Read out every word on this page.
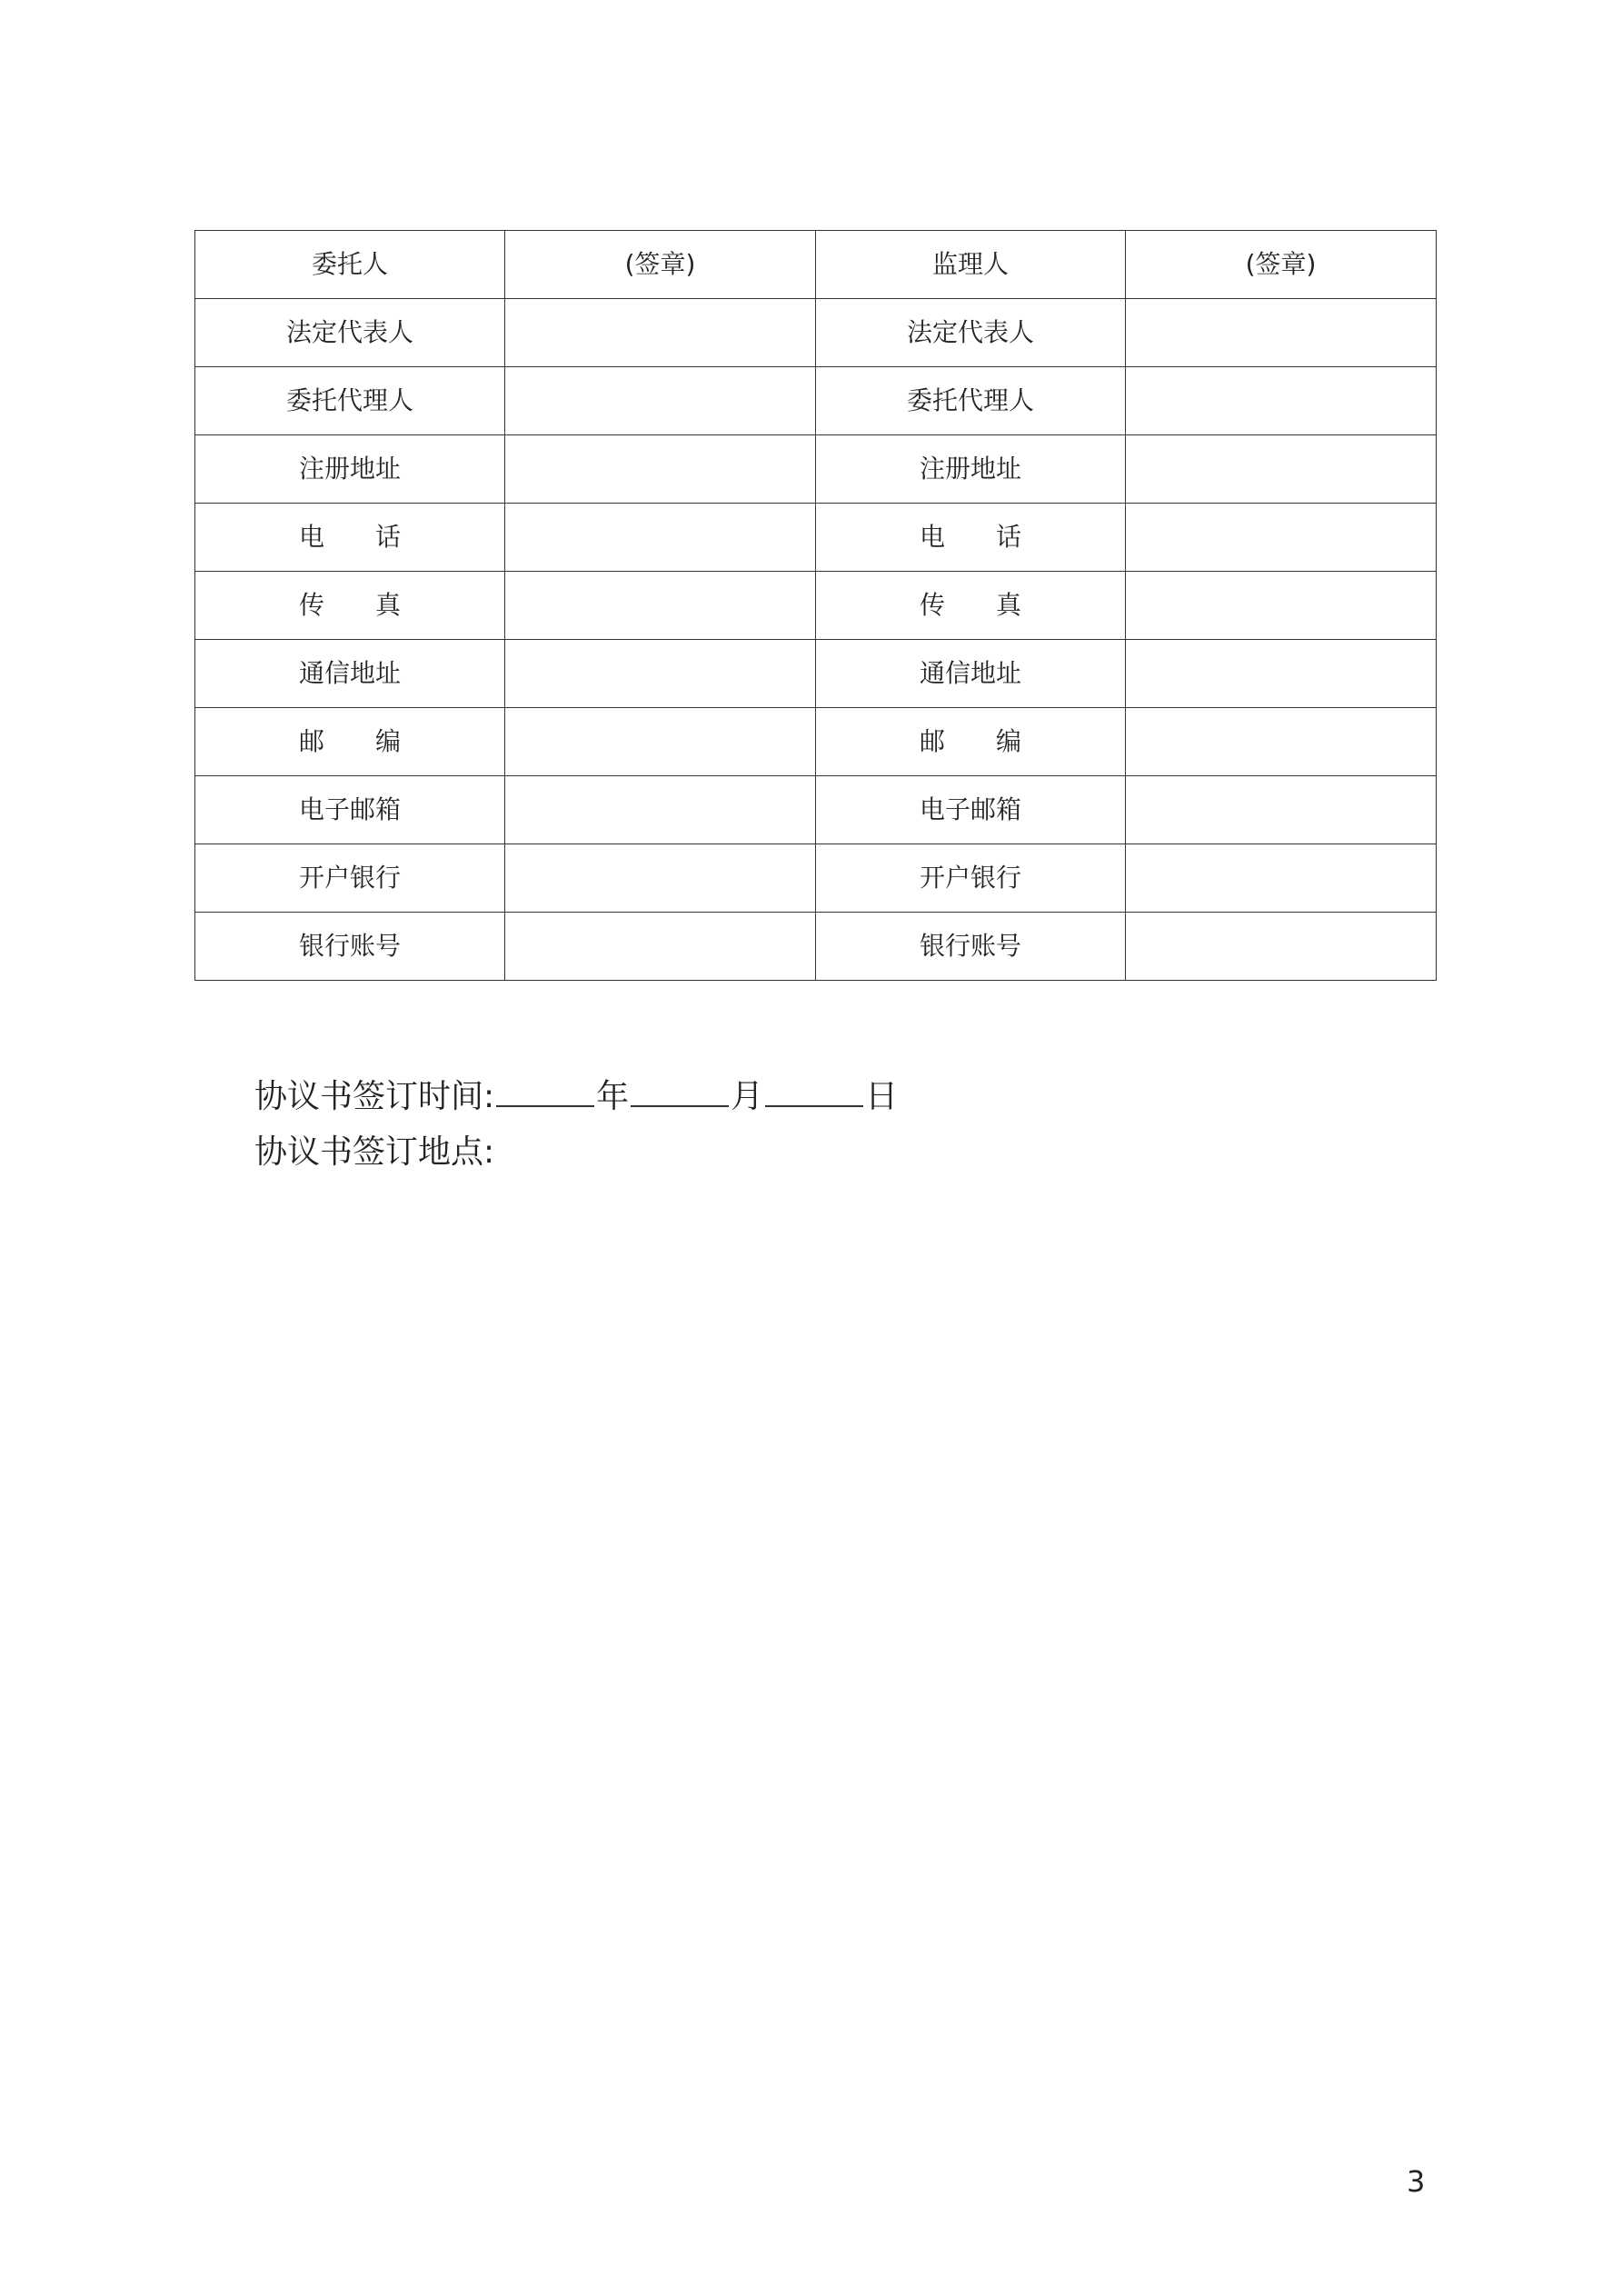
委托人	(签章)	监理人	(签章)
法定代表人		法定代表人	
委托代理人		委托代理人	
注册地址		注册地址	
电　　话		电　　话	
传　　真		传　　真	
通信地址		通信地址	
邮　　编		邮　　编	
电子邮箱		电子邮箱	
开户银行		开户银行	
银行账号		银行账号	
协议书签订时间:	年	月	日
协议书签订地点:
3
